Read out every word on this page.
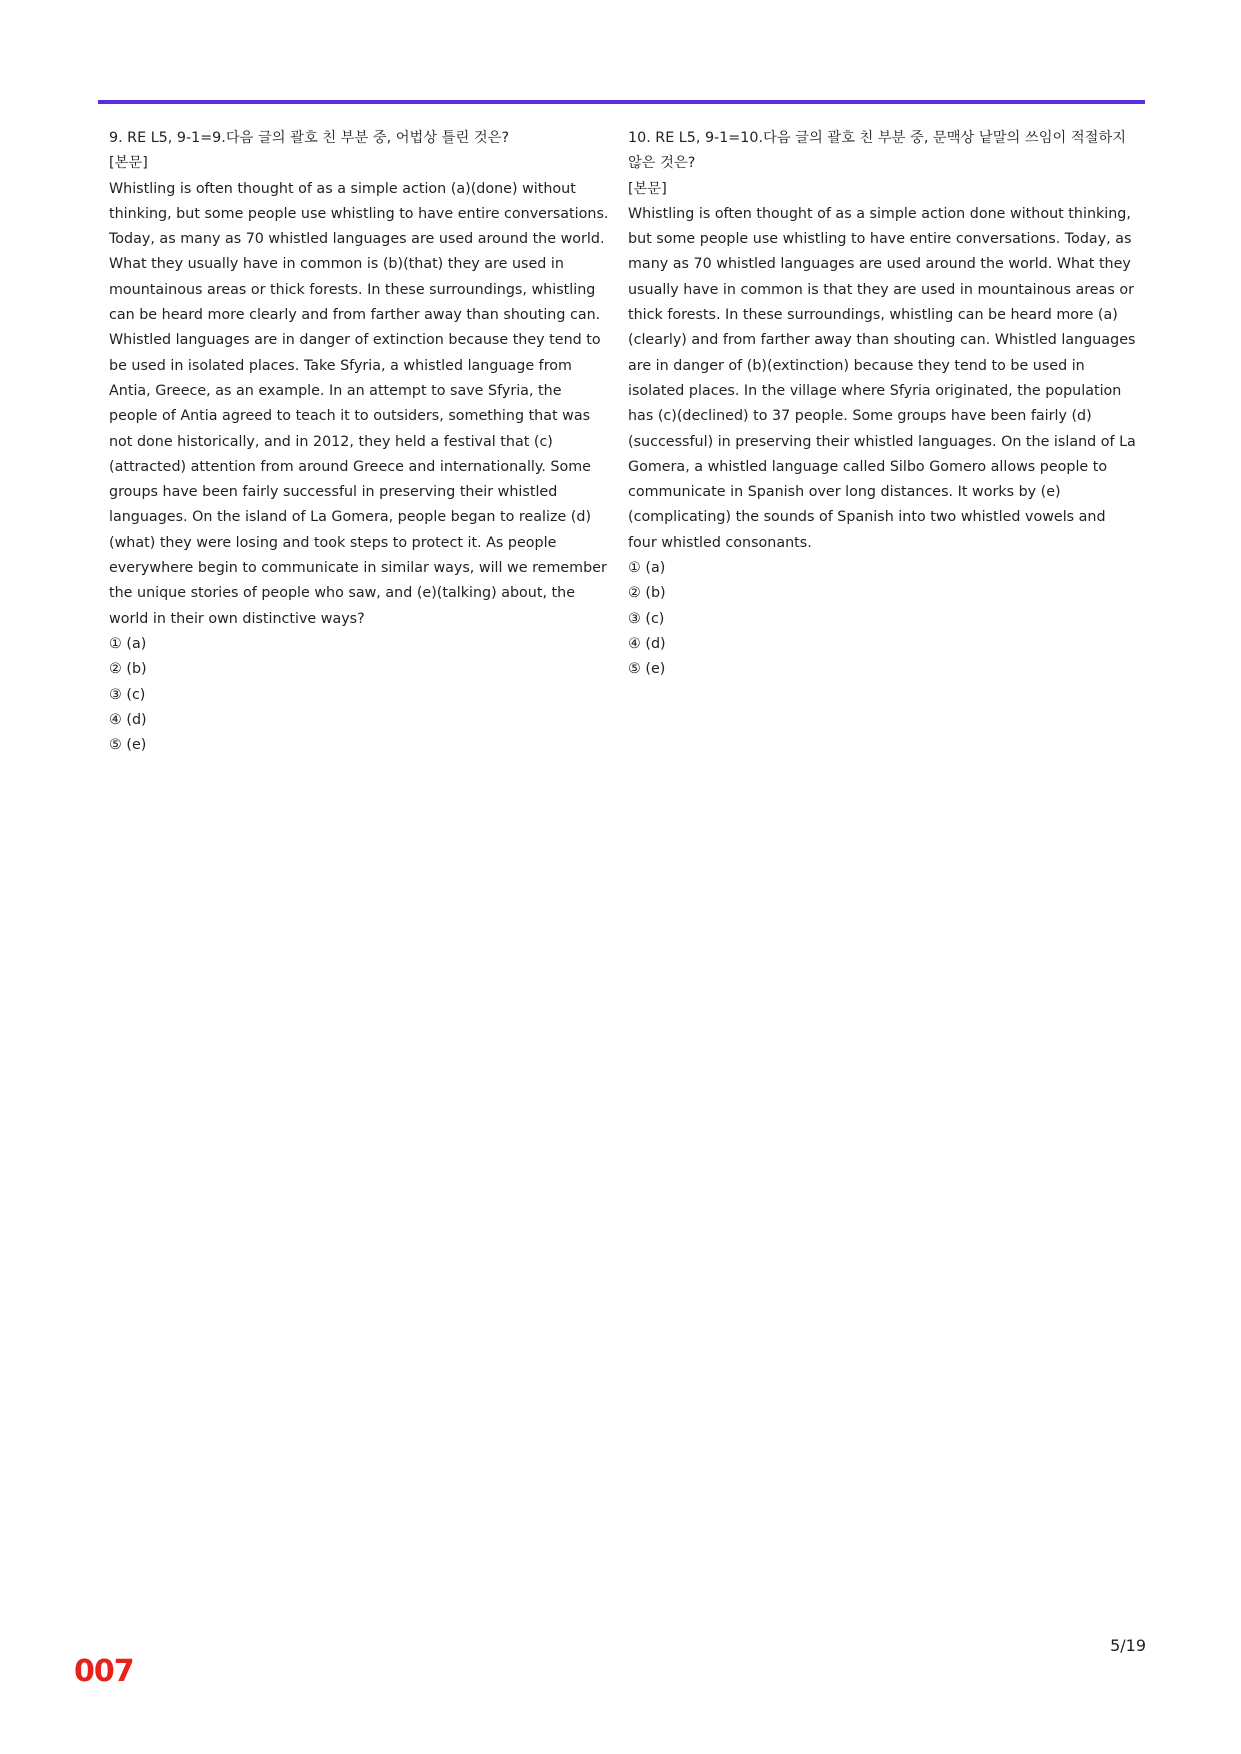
9. RE L5, 9-1=9.다음 글의 괄호 친 부분 중, 어법상 틀린 것은?

[본문]

Whistling is often thought of as a simple action (a)(done) without thinking, but some people use whistling to have entire conversations. Today, as many as 70 whistled languages are used around the world. What they usually have in common is (b)(that) they are used in mountainous areas or thick forests. In these surroundings, whistling can be heard more clearly and from farther away than shouting can. Whistled languages are in danger of extinction because they tend to be used in isolated places. Take Sfyria, a whistled language from Antia, Greece, as an example. In an attempt to save Sfyria, the people of Antia agreed to teach it to outsiders, something that was not done historically, and in 2012, they held a festival that (c)(attracted) attention from around Greece and internationally. Some groups have been fairly successful in preserving their whistled languages. On the island of La Gomera, people began to realize (d)(what) they were losing and took steps to protect it. As people everywhere begin to communicate in similar ways, will we remember the unique stories of people who saw, and (e)(talking) about, the world in their own distinctive ways?

① (a)
② (b)
③ (c)
④ (d)
⑤ (e)

10. RE L5, 9-1=10.다음 글의 괄호 친 부분 중, 문맥상 낱말의 쓰임이 적절하지 않은 것은?

[본문]

Whistling is often thought of as a simple action done without thinking, but some people use whistling to have entire conversations. Today, as many as 70 whistled languages are used around the world. What they usually have in common is that they are used in mountainous areas or thick forests. In these surroundings, whistling can be heard more (a)(clearly) and from farther away than shouting can. Whistled languages are in danger of (b)(extinction) because they tend to be used in isolated places. In the village where Sfyria originated, the population has (c)(declined) to 37 people. Some groups have been fairly (d)(successful) in preserving their whistled languages. On the island of La Gomera, a whistled language called Silbo Gomero allows people to communicate in Spanish over long distances. It works by (e)(complicating) the sounds of Spanish into two whistled vowels and four whistled consonants.

① (a)
② (b)
③ (c)
④ (d)
⑤ (e)
5/19
007
